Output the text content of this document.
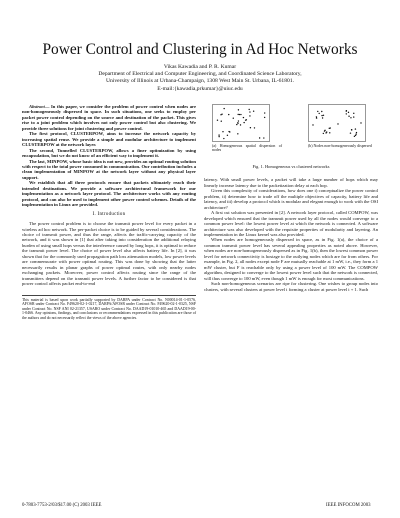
Power Control and Clustering in Ad Hoc Networks
Vikas Kawadia and P. R. Kumar
Department of Electrical and Computer Engineering, and Coordinated Science Laboratory,
University of Illinois at Urbana-Champaign, 1308 West Main St. Urbana, IL-61801.
E-mail:{kawadia,prkumar}@uiuc.edu

Abstract— In this paper, we consider the problem of power control when nodes are non-homogeneously dispersed in space. In such situations, one seeks to employ per packet power control depending on the source and destination of the packet. This gives rise to a joint problem which involves not only power control but also clustering. We provide three solutions for joint clustering and power control.

The first protocol, CLUSTERPOW, aims to increase the network capacity by increasing spatial reuse. We provide a simple and modular architecture to implement CLUSTERPOW at the network layer.

The second, Tunnelled CLUSTERPOW, allows a finer optimization by using encapsulation, but we do not know of an efficient way to implement it.

The last, MINPOW, whose basic idea is not new, provides an optimal routing solution with respect to the total power consumed in communication. Our contribution includes a clean implementation of MINPOW at the network layer without any physical layer support.

We establish that all three protocols ensure that packets ultimately reach their intended destinations. We provide a software architectural framework for our implementation as a network layer protocol. The architecture works with any routing protocol, and can also be used to implement other power control schemes. Details of the implementation in Linux are provided.

I. Introduction

The power control problem is to choose the transmit power level for every packet in a wireless ad hoc network. The per-packet choice is to be guided by several considerations. The choice of transmit power, and thus the range, affects the traffic-carrying capacity of the network, and it was shown in [1] that after taking into consideration the additional relaying burden of using small hops versus the interference caused by long hops, it is optimal to reduce the transmit power level. The choice of power level also affects battery life. In [2], it was shown that for the commonly used propagation path loss attenuation models, low power levels are commensurate with power optimal routing. This was done by showing that the latter necessarily results in planar graphs of power optimal routes, with only nearby nodes exchanging packets. Moreover, power control affects routing since the range of the transmitters depend on the transmit power levels. A further factor to be considered is that power control affects packet end-to-end

This material is based upon work partially supported by DARPA under Contract No. N00014-01-1-0576, AFOSR under Contract No. F49620-02-1-0217, DARPA/AFOSR under Contract No. F49620-02-1-0325, NSF under Contract No. NSF ANI 02-21357, USARO under Contract No. DAAD19-01010-465 and DAAD19-00-1-0466. Any opinions, findings, and conclusions or recommendations expressed in this publication are those of the authors and do not necessarily reflect the views of the above agencies.
(a) Homogeneous spatial dispersion of nodes
(b) Nodes non-homogeneously dispersed
Fig. 1. Homogeneous vs clustered networks

latency. With small power levels, a packet will take a large number of hops which may linearly increase latency due to the packetization delay at each hop.

Given this complexity of considerations, how does one i) conceptualize the power control problem, ii) determine how to trade off the multiple objectives of capacity, battery life and latency, and iii) develop a protocol which is modular and elegant enough to work with the OSI architecture?

A first cut solution was presented in [2]. A network layer protocol, called COMPOW, was developed which ensured that the transmit power used by all the nodes would converge to a common power level: the lowest power level at which the network is connected. A software architecture was also developed with the requisite properties of modularity and layering. An implementation in the Linux kernel was also provided.

When nodes are homogeneously dispersed in space, as in Fig. 1(a), the choice of a common transmit power level has several appealing properties as noted above. However, when nodes are non-homogeneously dispersed as in Fig. 1(b), then the lowest common power level for network connectivity is hostage to the outlying nodes which are far from others. For example, in Fig. 2, all nodes except node F are mutually reachable at 1 mW, i.e., they form a 1 mW cluster, but F is reachable only by using a power level of 100 mW. The COMPOW algorithm, designed to converge to the lowest power level such that the network is connected, will thus converge to 100 mW, even though 1 mW is enough for most communications.

Such non-homogeneous scenarios are ripe for clustering. One wishes to group nodes into clusters, with several clusters at power level i forming a cluster at power level i + 1. Such

0-7803-7753-2/03/$17.00 (C) 2003 IEEE	IEEE INFOCOM 2003
